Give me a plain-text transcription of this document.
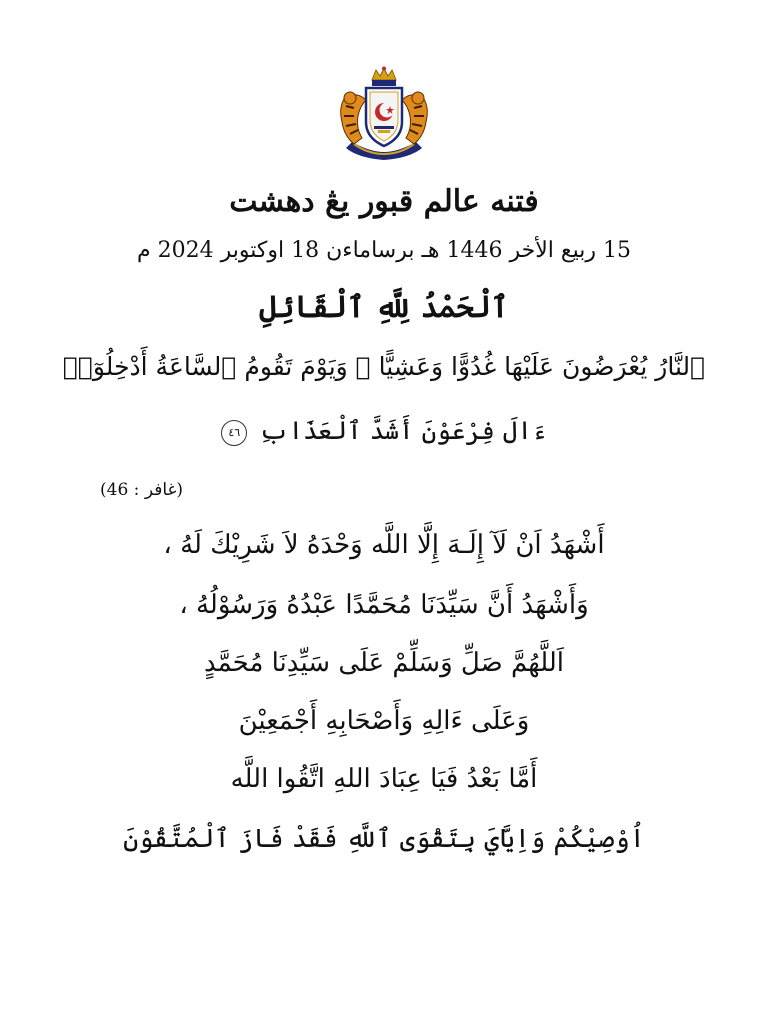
فتنه عالم قبور يڠ دهشت
15 ربيع الأخر 1446 هـ برساماءن 18 اوكتوبر 2024 م
ٱلْحَمْدُ لِلَّهِ ٱلْقَائِلِ
ٱلنَّارُ يُعْرَضُونَ عَلَيْهَا غُدُوًّا وَعَشِيًّا ۖ وَيَوْمَ تَقُومُ ٱلسَّاعَةُ أَدْخِلُوٓا۟
ءَالَ فِرْعَوْنَ أَشَدَّ ٱلْعَذَابِ ٤٦
(غافر : 46)
أَشْهَدُ اَنْ لَآ إِلَـهَ إِلَّا اللَّه وَحْدَهُ لاَ شَرِيْكَ لَهُ ،
وَأَشْهَدُ أَنَّ سَيِّدَنَا مُحَمَّدًا عَبْدُهُ وَرَسُوْلُهُ ،
اَللَّهُمَّ صَلِّ وَسَلِّمْ عَلَى سَيِّدِنَا مُحَمَّدٍ
وَعَلَى ءَالِهِ وَأَصْحَابِهِ أَجْمَعِيْنَ
أَمَّا بَعْدُ فَيَا عِبَادَ اللهِ اتَّقُوا اللَّه
اُوْصِيْكُمْ وَاِيَّايَ بِتَقْوَى ٱللَّهِ فَقَدْ فَازَ ٱلْمُتَّقُوْنَ
